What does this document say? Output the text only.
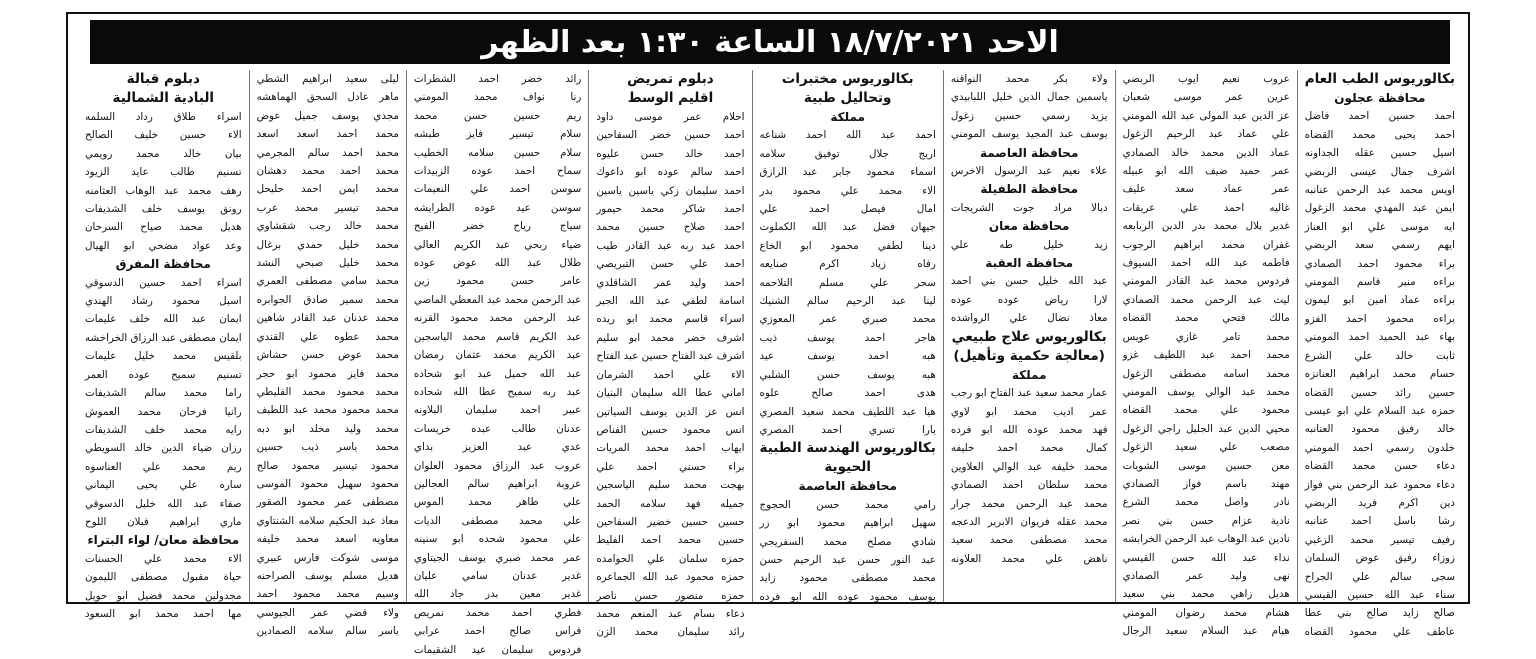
الاحد ١٨/٧/٢٠٢١ الساعة ١:٣٠ بعد الظهر
بكالوريوس الطب العام
محافظة عجلون
احمد حسين احمد فاضل
احمد يحيى محمد القضاه
اسيل حسين عقله الجداونه
اشرف جمال عيسى الربضي
اويس محمد عبد الرحمن عنانبه
ايمن عبد المهدي محمد الزغول
ايه موسى علي ابو العناز
ايهم رسمي سعد الربضي
براء محمود احمد الصمادي
براءه منير قاسم المومني
براءه عماد امين ابو ليمون
براءه محمود احمد الفزو
بهاء عبد الحميد احمد المومني
ثابت خالد علي الشرع
حسام محمد ابراهيم العنانزه
حسين رائد حسين القضاه
حمزه عبد السلام علي ابو عيسى
خالد رفيق محمود العنانبه
خلدون رسمي احمد المومني
دعاء حسن محمد القضاه
دعاء محمود عبد الرحمن بني فواز
دين اكرم فريد الربضي
رشا باسل احمد عنانبه
رفيف تيسير محمد الزغبي
زوزاء رفيق عوض السلمان
سجى سالم علي الجراح
سناء عبد الله حسين القيسي
صالح زايد صالح بني عطا
عاطف علي محمود القضاه
عروب نعيم ايوب الربضي
عرين عمر موسى شعبان
عز الدين عبد المولى عبد الله المومني
علي عماد عبد الرحيم الزغول
عماد الدين محمد خالد الصمادي
عمر حميد ضيف الله ابو عبيله
عمر عماد سعد عليف
غاليه احمد علي عريقات
غدير بلال محمد بدر الدين الربابعه
غفران محمد ابراهيم الرجوب
فاطمه عبد الله احمد السيوف
فردوس محمد عبد القادر المومني
ليث عبد الرحمن محمد الصمادي
مالك فتحي محمد القضاه
محمد تامر غازي عويس
محمد احمد عبد اللطيف غزو
محمد اسامه مصطفى الزغول
محمد عبد الوالي يوسف المومني
محمود علي محمد القضاه
محيي الدين عبد الجليل راجي الزغول
مصعب علي سعيد الزغول
معن حسين موسى الشويات
مهند باسم فواز الصمادي
نادر واصل محمد الشرع
نادية عزام حسن بني نصر
نادين عبد الوهاب عبد الرحمن الخرابشه
نداء عبد الله حسن القيسي
نهى وليد عمر الصمادي
هديل زاهي محمد بني سعيد
هشام محمد رضوان المومني
هيام عبد السلام سعيد الرجال
ولاء بكر محمد النواقنه
ياسمين جمال الدين خليل اللبابيدي
يزيد رسمي حسين زغول
يوسف عبد المجيد يوسف المومني
محافظة العاصمة
علاء نعيم عبد الرسول الاخرس
محافظة الطفيلة
ديالا مراد جوت الشريجات
محافظة معان
زيد خليل طه علي
محافظة العقبة
عبد الله خليل حسن بني احمد
لارا رياض عوده عوده
معاذ نضال علي الرواشده
بكالوريوس علاج طبيعي
(معالجة حكمية وتأهيل)
مملكة
عمار محمد سعيد عبد الفتاح ابو رجب
عمر اديب محمد ابو لاوي
فهد محمد عوده الله ابو فرده
كمال محمد احمد خليفه
محمد خليفه عبد الوالي العلاوين
محمد سلطان احمد الصمادي
محمد عبد الرحمن محمد جرار
محمد عقله فريوان الابرير الدعجه
محمد مصطفى محمد سعيد
ناهض علي محمد العلاونه
بكالوريوس مختبرات
وتحاليل طبية
مملكة
احمد عبد الله احمد شناعه
اريج جلال توفيق سلامه
اسماء محمود جابر عبد الرازق
الاء محمد علي محمود بدر
امال فيصل احمد علي
جيهان فضل عبد الله الكملوت
دينا لطفي محمود ابو الخاع
رفاه زياد اكرم صنايعه
سحر علي مسلم التلاحمه
لينا عبد الرحيم سالم الشنيك
محمد صبري عمر المعوزي
هاجر احمد يوسف ذيب
هبه احمد يوسف عيد
هبه يوسف حسن الشلبي
هدى احمد صالح علوه
هيا عبد اللطيف محمد سعيد المصري
يارا تسري احمد المصري
بكالوريوس الهندسة الطبية
الحيوية
محافظة العاصمة
رامي محمد حسن الحجوج
سهيل ابراهيم محمود ابو زر
شادي مصلح محمد السفريجي
عبد النور حسن عبد الرحيم حسن
محمد مصطفى محمود زايد
يوسف محمود عوده الله ابو فرده
دبلوم تمريض
اقليم الوسط
احلام عمر موسى داود
احمد حسين خضر السفاحين
احمد خالد حسن عليوه
احمد سالم عوده ابو داعوك
احمد سليمان زكي ياسين ياسين
احمد شاكر محمد حيمور
احمد صلاح حسين محمد
احمد عبد ربه عبد القادر طيب
احمد علي حسن التبريصي
احمد وليد عمر الشاقلدي
اسامة لطفي عبد الله الجير
اسراء قاسم محمد ابو ريده
اشرف خضر محمد ابو سليم
اشرف عبد الفتاح حسين عبد الفتاح
الاء علي احمد الشرمان
اماني عطا الله سليمان البنيان
انس عز الدين يوسف السياتين
انس محمود حسين الفناص
ايهاب احمد محمد المريات
براء حسني احمد علي
بهجت محمد سليم الياسجين
جميله فهد سلامه الحمد
حسين حسين خضير السفاحين
حسين محمد احمد الفليط
حمزه سلمان علي الحوامده
حمزه محمود عبد الله الجماعره
حمزه منصور حسن ناصر
دعاء بسام عبد المنعم محمد
رائد سليمان محمد الزن
رائد خضر احمد الشطرات
رنا نواف محمد المومني
ريم حسين حسن محمد
سلام تيسير فايز طبشه
سلام حسين سلامه الخطيب
سماح احمد عوده الزبيدات
سوسن احمد علي النعيمات
سوسن عيد عوده الطرايشه
سياج رياح خضر الفيح
ضياء ربحي عبد الكريم العالي
طلال عبد الله عوض عوده
عامر حسن محمود زين
عبد الرحمن محمد عبد المعطي الماضي
عبد الرحمن محمد محمود القرنه
عبد الكريم قاسم محمد الياسجين
عبد الكريم محمد عثمان رمضان
عبد الله جميل عبد ابو شحاده
عبد ربه سميح عطا الله شحاده
عبير احمد سليمان البلاونه
عدنان طالب عبده خريسات
عدي عبد العزيز بداي
عروب عبد الرزاق محمود العلوان
عروبة ابراهيم سالم العجالين
علي طاهر محمد الموس
علي محمد مصطفى الديات
علي محمود شحده ابو سنينه
عمر محمد صبري يوسف الجيتاوي
غدير عدنان سامي عليان
غدير معين بدر جاد الله
فطري احمد محمد نمريص
فراس صالح احمد عرابي
فردوس سليمان عيد الشقيمات
ليلى سعيد ابراهيم الشطي
ماهر عادل السحق الهماهشه
مجدي يوسف جميل عوض
محمد احمد اسعد اسعد
محمد احمد سالم المجرمي
محمد احمد محمد دهشان
محمد ايمن احمد حليحل
محمد تيسير محمد عرب
محمد خالد رجب شقشاوي
محمد خليل حمدي برغال
محمد خليل صبحي النشد
محمد سامي مصطفى العمري
محمد سمير صادق الجوابره
محمد عدنان عبد القادر شاهين
محمد عطوه علي القندي
محمد عوض حسن حشاش
محمد فايز محمود ابو حجر
محمد محمود محمد الفليطي
محمد محمود محمد عبد اللطيف
محمد وليد مخلد ابو دبه
محمد ياسر ذيب حسين
محمود تيسير محمود صالح
محمود سهيل محمود الموسى
مصطفى عمر محمود الصقور
معاذ عبد الحكيم سلامه الشنتاوي
معاويه اسعد محمد خليفه
موسى شوكت فارس عبيري
هديل مسلم يوسف الصراحنه
وسيم محمد محمود احمد
ولاء قضي عمر الجيوسي
ياسر سالم سلامه الصمادين
دبلوم قبالة
البادية الشمالية
اسراء طلاق رداد السلمه
الاء حسين خليف الصالح
بيان خالد محمد رويمي
تسنيم طالب عايد الزيود
رهف محمد عبد الوهاب العثامنه
رونق يوسف خلف الشديفات
هديل محمد صياح السرحان
وعد عواد مضحي ابو الهيال
محافظة المفرق
اسراء احمد حسين الدسوقي
اسيل محمود رشاد الهندي
ايمان عبد الله خلف عليمات
ايمان مصطفى عبد الرزاق الخراخشه
بلقيس محمد خليل عليمات
تسنيم سميح عوده العمر
راما محمد سالم الشديفات
رانيا فرحان محمد العموش
رايه محمد خلف الشديفات
رزان ضياء الدين خالد السويطي
ريم محمد علي العناسوه
ساره علي يحيى اليماني
صفاء عبد الله خليل الدسوقي
ماري ابراهيم قبلان اللوح
محافظة معان/ لواء البتراء
الاء محمد علي الحسنات
حياة مقبول مصطفى الليمون
مجدولين محمد فضيل ابو حويل
مها احمد محمد ابو السعود
